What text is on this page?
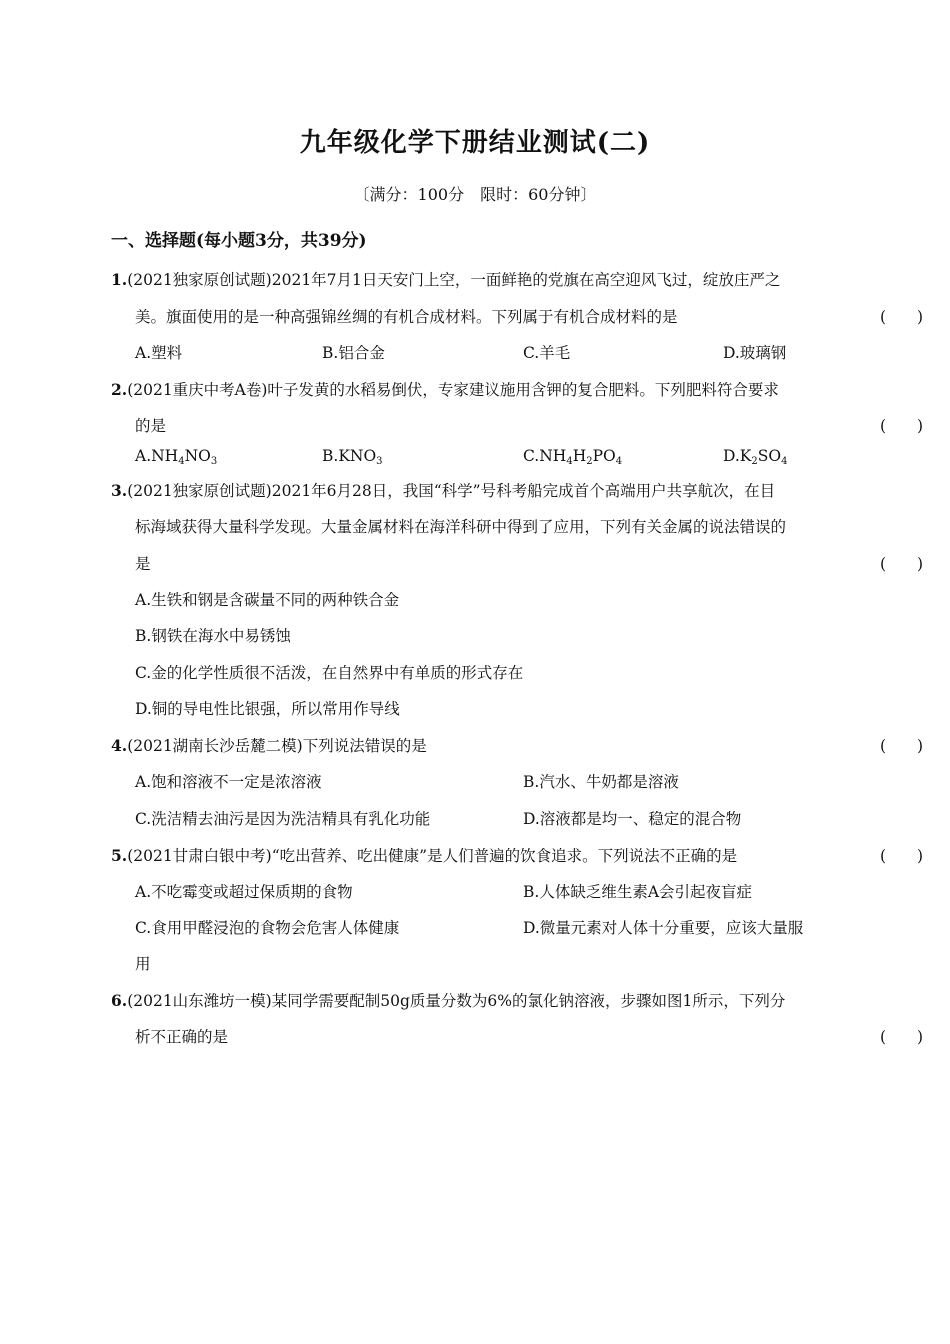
九年级化学下册结业测试(二)
〔满分：100分　限时：60分钟〕
一、选择题(每小题3分，共39分)
1.(2021独家原创试题)2021年7月1日天安门上空，一面鲜艳的党旗在高空迎风飞过，绽放庄严之
美。旗面使用的是一种高强锦丝绸的有机合成材料。下列属于有机合成材料的是	(　　)
A.塑料	B.铝合金	C.羊毛	D.玻璃钢
2.(2021重庆中考A卷)叶子发黄的水稻易倒伏，专家建议施用含钾的复合肥料。下列肥料符合要求
的是	(　　)
$A.NH_4NO_3$	$B.KNO_3$	$C.NH_4H_2PO_4$	$D.K_2SO_4$
3.(2021独家原创试题)2021年6月28日，我国“科学”号科考船完成首个高端用户共享航次，在目
标海域获得大量科学发现。大量金属材料在海洋科研中得到了应用，下列有关金属的说法错误的
是	(　　)
A.生铁和钢是含碳量不同的两种铁合金
B.钢铁在海水中易锈蚀
C.金的化学性质很不活泼，在自然界中有单质的形式存在
D.铜的导电性比银强，所以常用作导线
4.(2021湖南长沙岳麓二模)下列说法错误的是	(　　)
A.饱和溶液不一定是浓溶液	B.汽水、牛奶都是溶液
C.洗洁精去油污是因为洗洁精具有乳化功能	D.溶液都是均一、稳定的混合物
5.(2021甘肃白银中考)“吃出营养、吃出健康”是人们普遍的饮食追求。下列说法不正确的是	(　　)
A.不吃霉变或超过保质期的食物	B.人体缺乏维生素A会引起夜盲症
C.食用甲醛浸泡的食物会危害人体健康	D.微量元素对人体十分重要，应该大量服
用
6.(2021山东潍坊一模)某同学需要配制50g质量分数为6%的氯化钠溶液，步骤如图1所示，下列分
析不正确的是	(　　)
